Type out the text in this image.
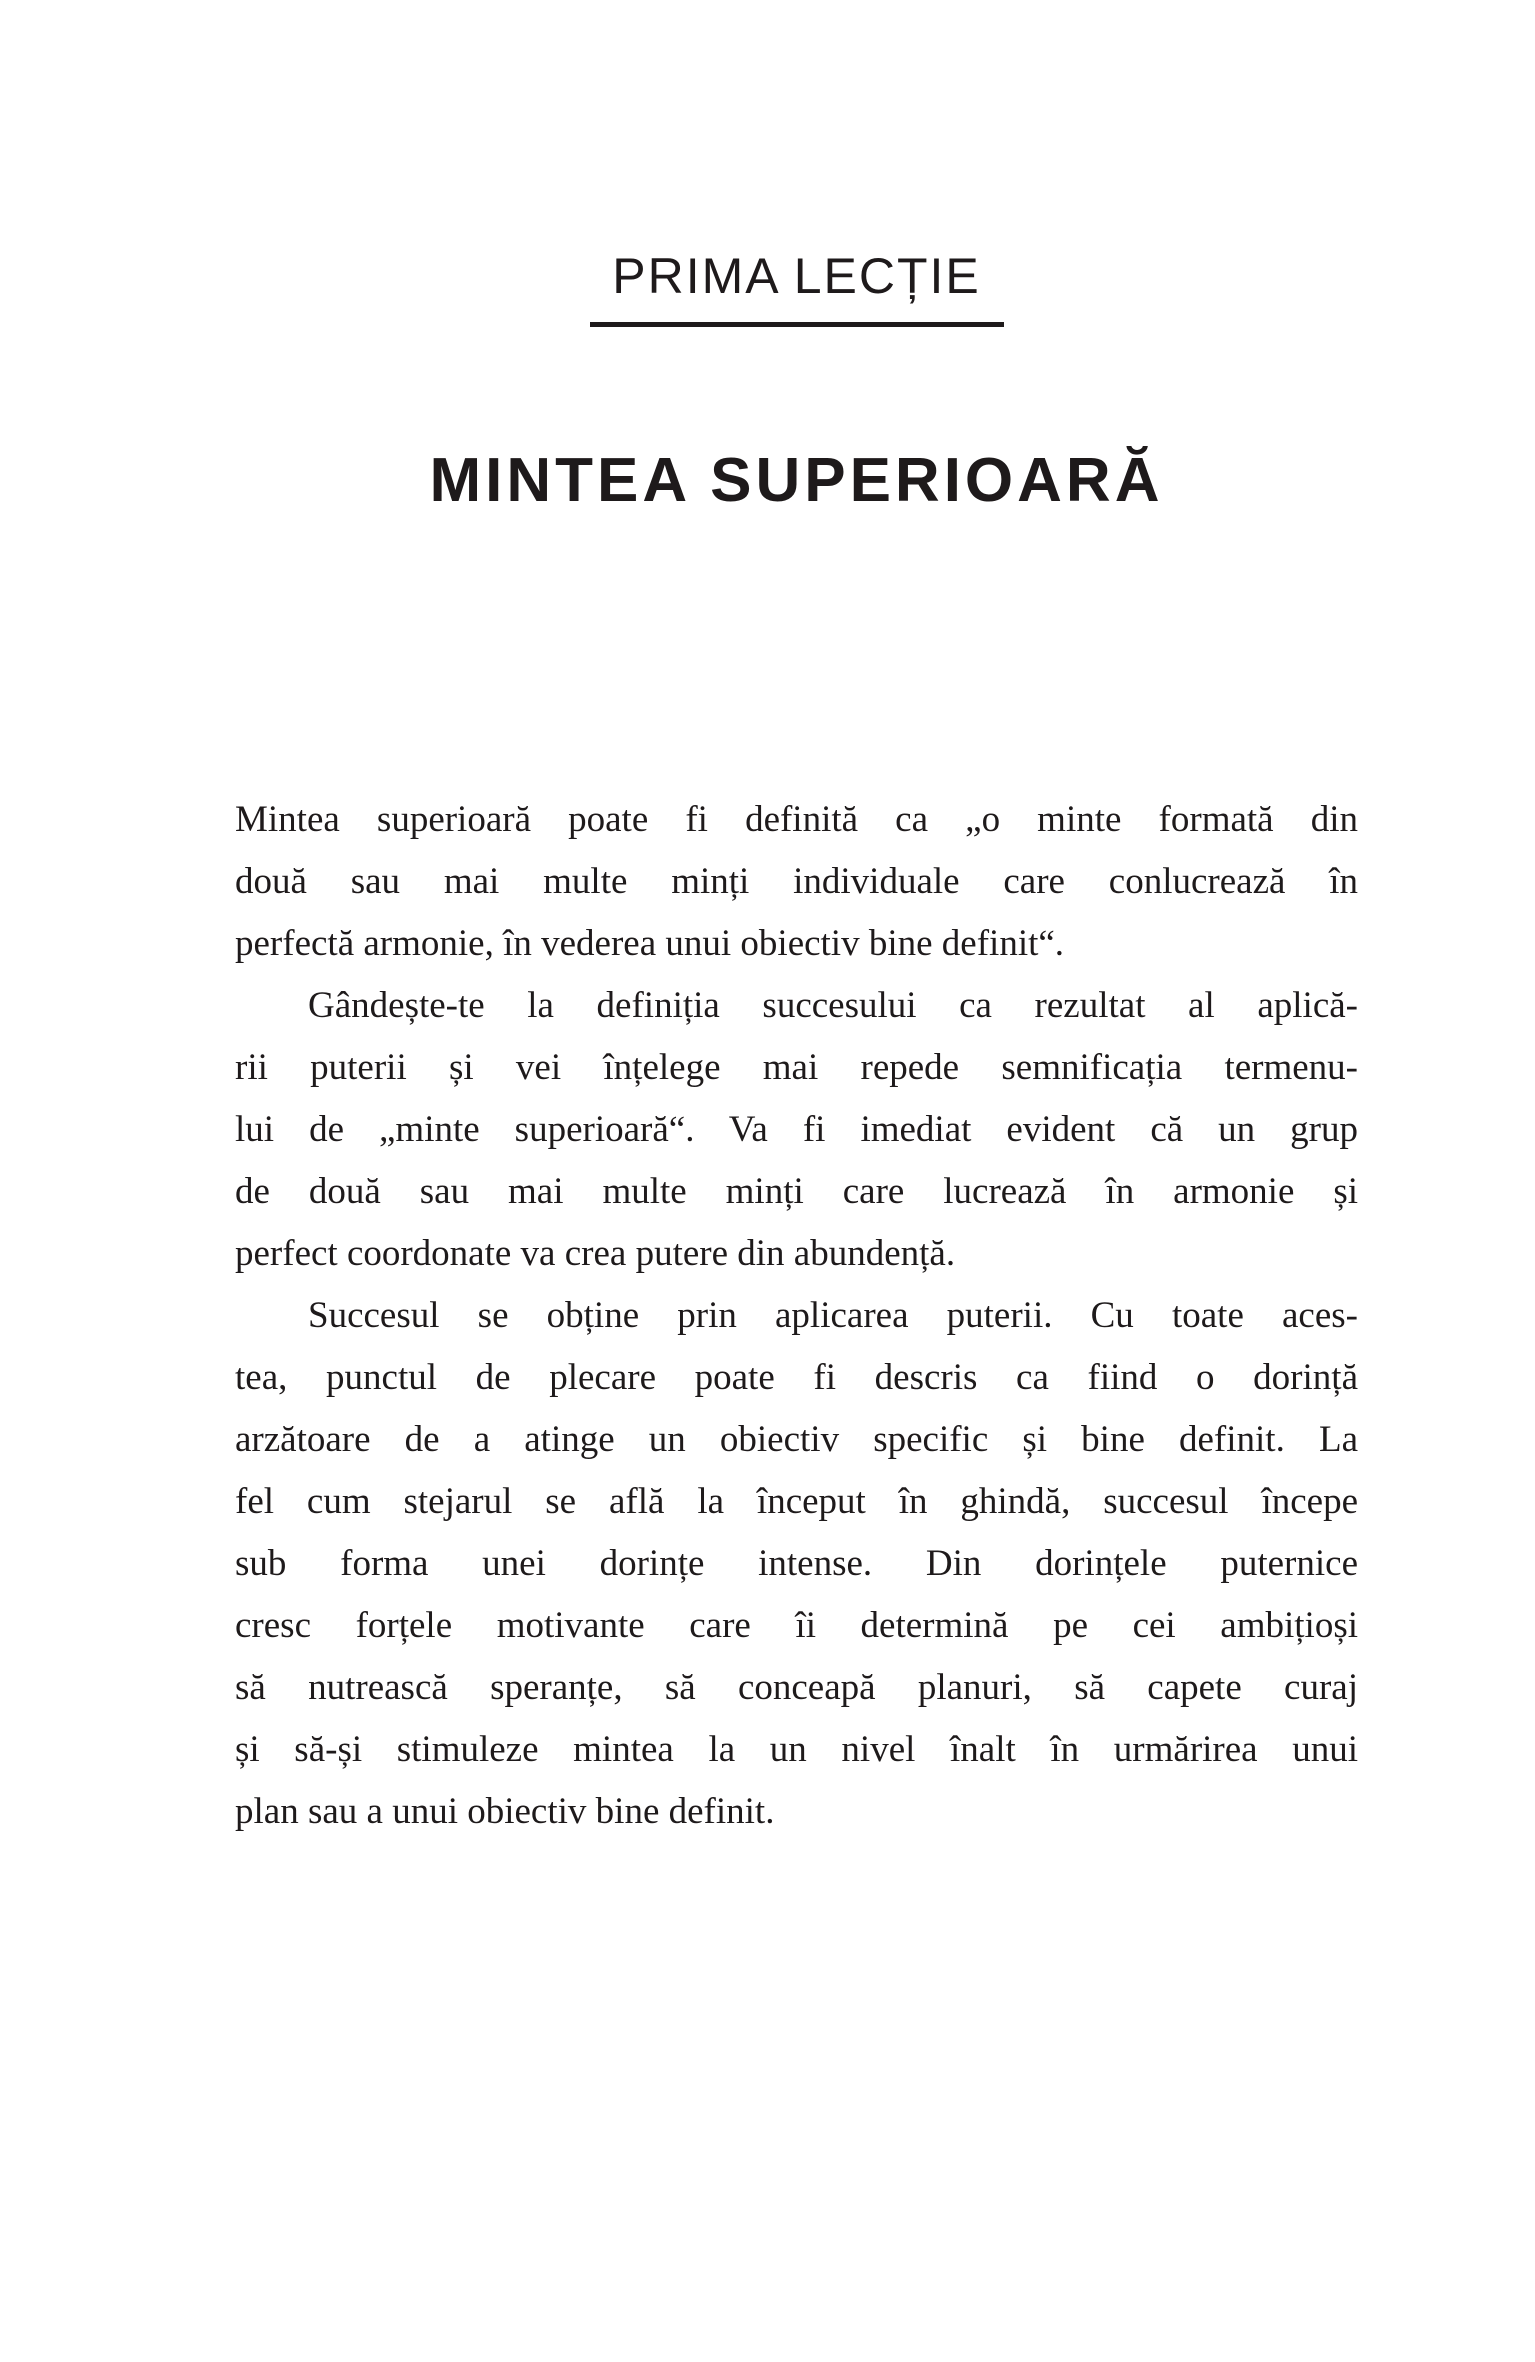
PRIMA LECȚIE
MINTEA SUPERIOARĂ

Mintea superioară poate fi definită ca „o minte formată din
două sau mai multe minți individuale care conlucrează în
perfectă armonie, în vederea unui obiectiv bine definit“.

Gândește-te la definiția succesului ca rezultat al aplică-
rii puterii și vei înțelege mai repede semnificația termenu-
lui de „minte superioară“. Va fi imediat evident că un grup
de două sau mai multe minți care lucrează în armonie și
perfect coordonate va crea putere din abundență.

Succesul se obține prin aplicarea puterii. Cu toate aces-
tea, punctul de plecare poate fi descris ca fiind o dorință
arzătoare de a atinge un obiectiv specific și bine definit. La
fel cum stejarul se află la început în ghindă, succesul începe
sub forma unei dorințe intense. Din dorințele puternice
cresc forțele motivante care îi determină pe cei ambițioși
să nutrească speranțe, să conceapă planuri, să capete curaj
și să-și stimuleze mintea la un nivel înalt în urmărirea unui
plan sau a unui obiectiv bine definit.
